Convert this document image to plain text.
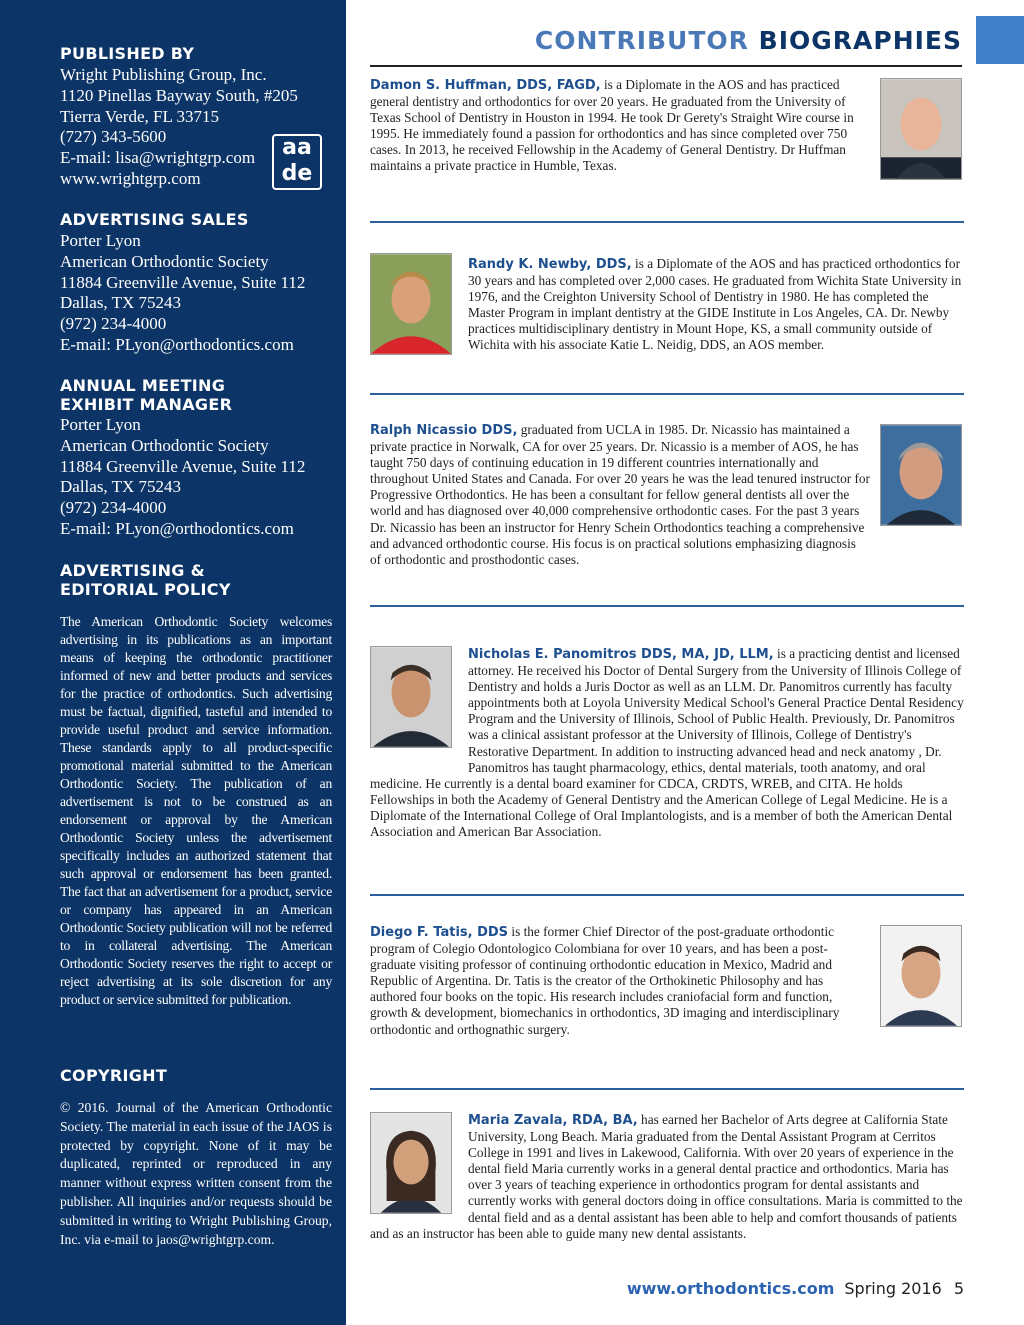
PUBLISHED BY
Wright Publishing Group, Inc.
1120 Pinellas Bayway South, #205
Tierra Verde, FL 33715
(727) 343-5600
E-mail: lisa@wrightgrp.com
www.wrightgrp.com
aa
de
ADVERTISING SALES
Porter Lyon
American Orthodontic Society
11884 Greenville Avenue, Suite 112
Dallas, TX 75243
(972) 234-4000
E-mail: PLyon@orthodontics.com
ANNUAL MEETING
EXHIBIT MANAGER
Porter Lyon
American Orthodontic Society
11884 Greenville Avenue, Suite 112
Dallas, TX 75243
(972) 234-4000
E-mail: PLyon@orthodontics.com
ADVERTISING &
EDITORIAL POLICY

The American Orthodontic Society welcomes advertising in its publications as an important means of keeping the orthodontic practitioner informed of new and better products and services for the practice of orthodontics. Such advertising must be factual, dignified, tasteful and intended to provide useful product and service information. These standards apply to all product-specific promotional material submitted to the American Orthodontic Society. The publication of an advertisement is not to be construed as an endorsement or approval by the American Orthodontic Society unless the advertisement specifically includes an authorized statement that such approval or endorsement has been granted. The fact that an advertisement for a product, service or company has appeared in an American Orthodontic Society publication will not be referred to in collateral advertising. The American Orthodontic Society reserves the right to accept or reject advertising at its sole discretion for any product or service submitted for publication.

COPYRIGHT

© 2016. Journal of the American Orthodontic Society. The material in each issue of the JAOS is protected by copyright. None of it may be duplicated, reprinted or reproduced in any manner without express written consent from the publisher. All inquiries and/or requests should be submitted in writing to Wright Publishing Group, Inc. via e-mail to jaos@wrightgrp.com.

CONTRIBUTOR BIOGRAPHIES

Damon S. Huffman, DDS, FAGD, is a Diplomate in the AOS and has practiced general dentistry and orthodontics for over 20 years. He graduated from the University of Texas School of Dentistry in Houston in 1994. He took Dr Gerety's Straight Wire course in 1995. He immediately found a passion for orthodontics and has since completed over 750 cases. In 2013, he received Fellowship in the Academy of General Dentistry. Dr Huffman maintains a private practice in Humble, Texas.

Randy K. Newby, DDS, is a Diplomate of the AOS and has practiced orthodontics for 30 years and has completed over 2,000 cases. He graduated from Wichita State University in 1976, and the Creighton University School of Dentistry in 1980. He has completed the Master Program in implant dentistry at the GIDE Institute in Los Angeles, CA. Dr. Newby practices multidisciplinary dentistry in Mount Hope, KS, a small community outside of Wichita with his associate Katie L. Neidig, DDS, an AOS member.

Ralph Nicassio DDS, graduated from UCLA in 1985. Dr. Nicassio has maintained a private practice in Norwalk, CA for over 25 years. Dr. Nicassio is a member of AOS, he has taught 750 days of continuing education in 19 different countries internationally and throughout United States and Canada. For over 20 years he was the lead tenured instructor for Progressive Orthodontics. He has been a consultant for fellow general dentists all over the world and has diagnosed over 40,000 comprehensive orthodontic cases. For the past 3 years Dr. Nicassio has been an instructor for Henry Schein Orthodontics teaching a comprehensive and advanced orthodontic course. His focus is on practical solutions emphasizing diagnosis of orthodontic and prosthodontic cases.

Nicholas E. Panomitros DDS, MA, JD, LLM, is a practicing dentist and licensed attorney. He received his Doctor of Dental Surgery from the University of Illinois College of Dentistry and holds a Juris Doctor as well as an LLM. Dr. Panomitros currently has faculty appointments both at Loyola University Medical School's General Practice Dental Residency Program and the University of Illinois, School of Public Health. Previously, Dr. Panomitros was a clinical assistant professor at the University of Illinois, College of Dentistry's Restorative Department. In addition to instructing advanced head and neck anatomy , Dr. Panomitros has taught pharmacology, ethics, dental materials, tooth anatomy, and oral medicine. He currently is a dental board examiner for CDCA, CRDTS, WREB, and CITA. He holds Fellowships in both the Academy of General Dentistry and the American College of Legal Medicine. He is a Diplomate of the International College of Oral Implantologists, and is a member of both the American Dental Association and American Bar Association.

Diego F. Tatis, DDS is the former Chief Director of the post-graduate orthodontic program of Colegio Odontologico Colombiana for over 10 years, and has been a post-graduate visiting professor of continuing orthodontic education in Mexico, Madrid and Republic of Argentina. Dr. Tatis is the creator of the Orthokinetic Philosophy and has authored four books on the topic. His research includes craniofacial form and function, growth & development, biomechanics in orthodontics, 3D imaging and interdisciplinary orthodontic and orthognathic surgery.

Maria Zavala, RDA, BA, has earned her Bachelor of Arts degree at California State University, Long Beach. Maria graduated from the Dental Assistant Program at Cerritos College in 1991 and lives in Lakewood, California. With over 20 years of experience in the dental field Maria currently works in a general dental practice and orthodontics. Maria has over 3 years of teaching experience in orthodontics program for dental assistants and currently works with general doctors doing in office consultations. Maria is committed to the dental field and as a dental assistant has been able to help and comfort thousands of patients and as an instructor has been able to guide many new dental assistants.

www.orthodontics.com Spring 2016 5
